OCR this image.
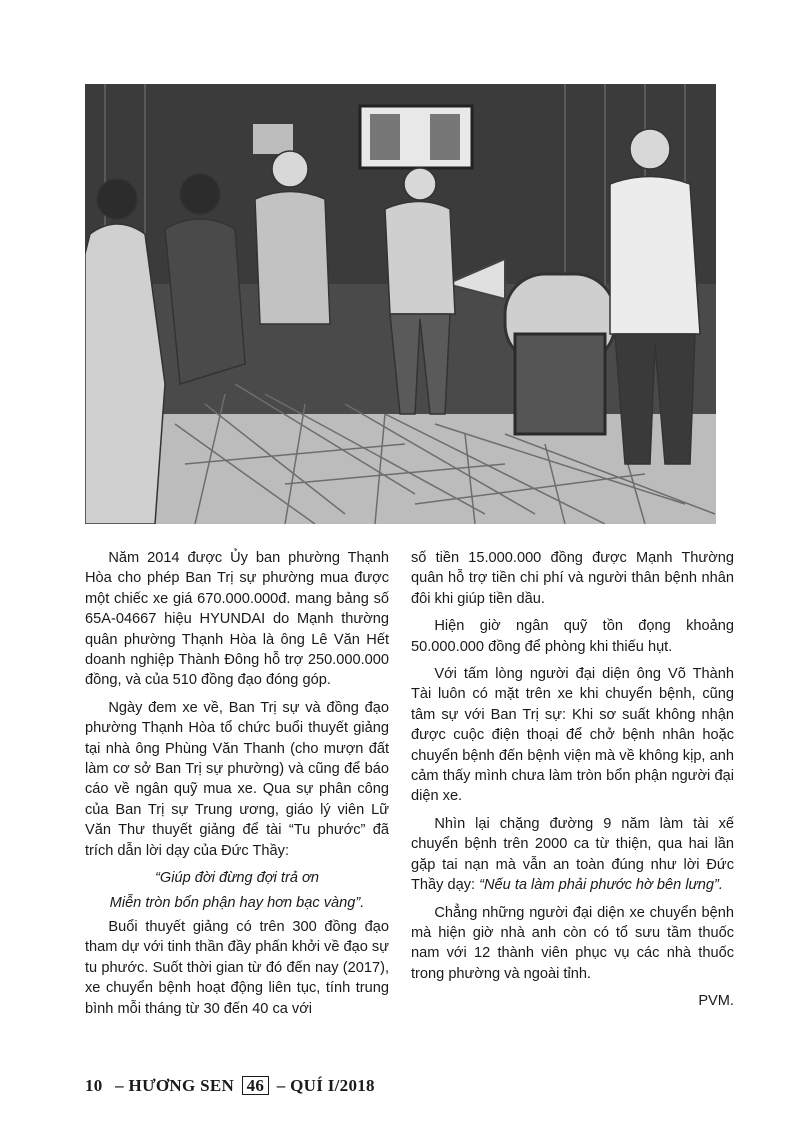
Năm 2014 được Ủy ban phường Thạnh Hòa cho phép Ban Trị sự phường mua được một chiếc xe giá 670.000.000đ. mang bảng số 65A-04667 hiệu HYUNDAI do Mạnh thường quân phường Thạnh Hòa là ông Lê Văn Hết doanh nghiệp Thành Đông hỗ trợ 250.000.000 đồng, và của 510 đồng đạo đóng góp.

Ngày đem xe về, Ban Trị sự và đồng đạo phường Thạnh Hòa tổ chức buổi thuyết giảng tại nhà ông Phùng Văn Thanh (cho mượn đất làm cơ sở Ban Trị sự phường) và cũng để báo cáo về ngân quỹ mua xe. Qua sự phân công của Ban Trị sự Trung ương, giáo lý viên Lữ Văn Thư thuyết giảng để tài “Tu phước” đã trích dẫn lời dạy của Đức Thầy:

“Giúp đời đừng đợi trả ơn

Miễn tròn bổn phận hay hơn bạc vàng”.

Buổi thuyết giảng có trên 300 đồng đạo tham dự với tinh thần đầy phấn khởi về đạo sự tu phước. Suốt thời gian từ đó đến nay (2017), xe chuyển bệnh hoạt động liên tục, tính trung bình mỗi tháng từ 30 đến 40 ca với

số tiền 15.000.000 đồng được Mạnh Thường quân hỗ trợ tiền chi phí và người thân bệnh nhân đôi khi giúp tiền dầu.

Hiện giờ ngân quỹ tồn đọng khoảng 50.000.000 đồng để phòng khi thiếu hụt.

Với tấm lòng người đại diện ông Võ Thành Tài luôn có mặt trên xe khi chuyển bệnh, cũng tâm sự với Ban Trị sự: Khi sơ suất không nhận được cuộc điện thoại để chở bệnh nhân hoặc chuyển bệnh đến bệnh viện mà về không kịp, anh cảm thấy mình chưa làm tròn bổn phận người đại diện xe.

Nhìn lại chặng đường 9 năm làm tài xế chuyển bệnh trên 2000 ca từ thiện, qua hai lần gặp tai nạn mà vẫn an toàn đúng như lời Đức Thầy dạy: “Nếu ta làm phải phước hờ bên lưng”.

Chẳng những người đại diện xe chuyển bệnh mà hiện giờ nhà anh còn có tổ sưu tầm thuốc nam với 12 thành viên phục vụ các nhà thuốc trong phường và ngoài tỉnh.

PVM.

10 – HƯƠNG SEN 46 – QUÍ I/2018
